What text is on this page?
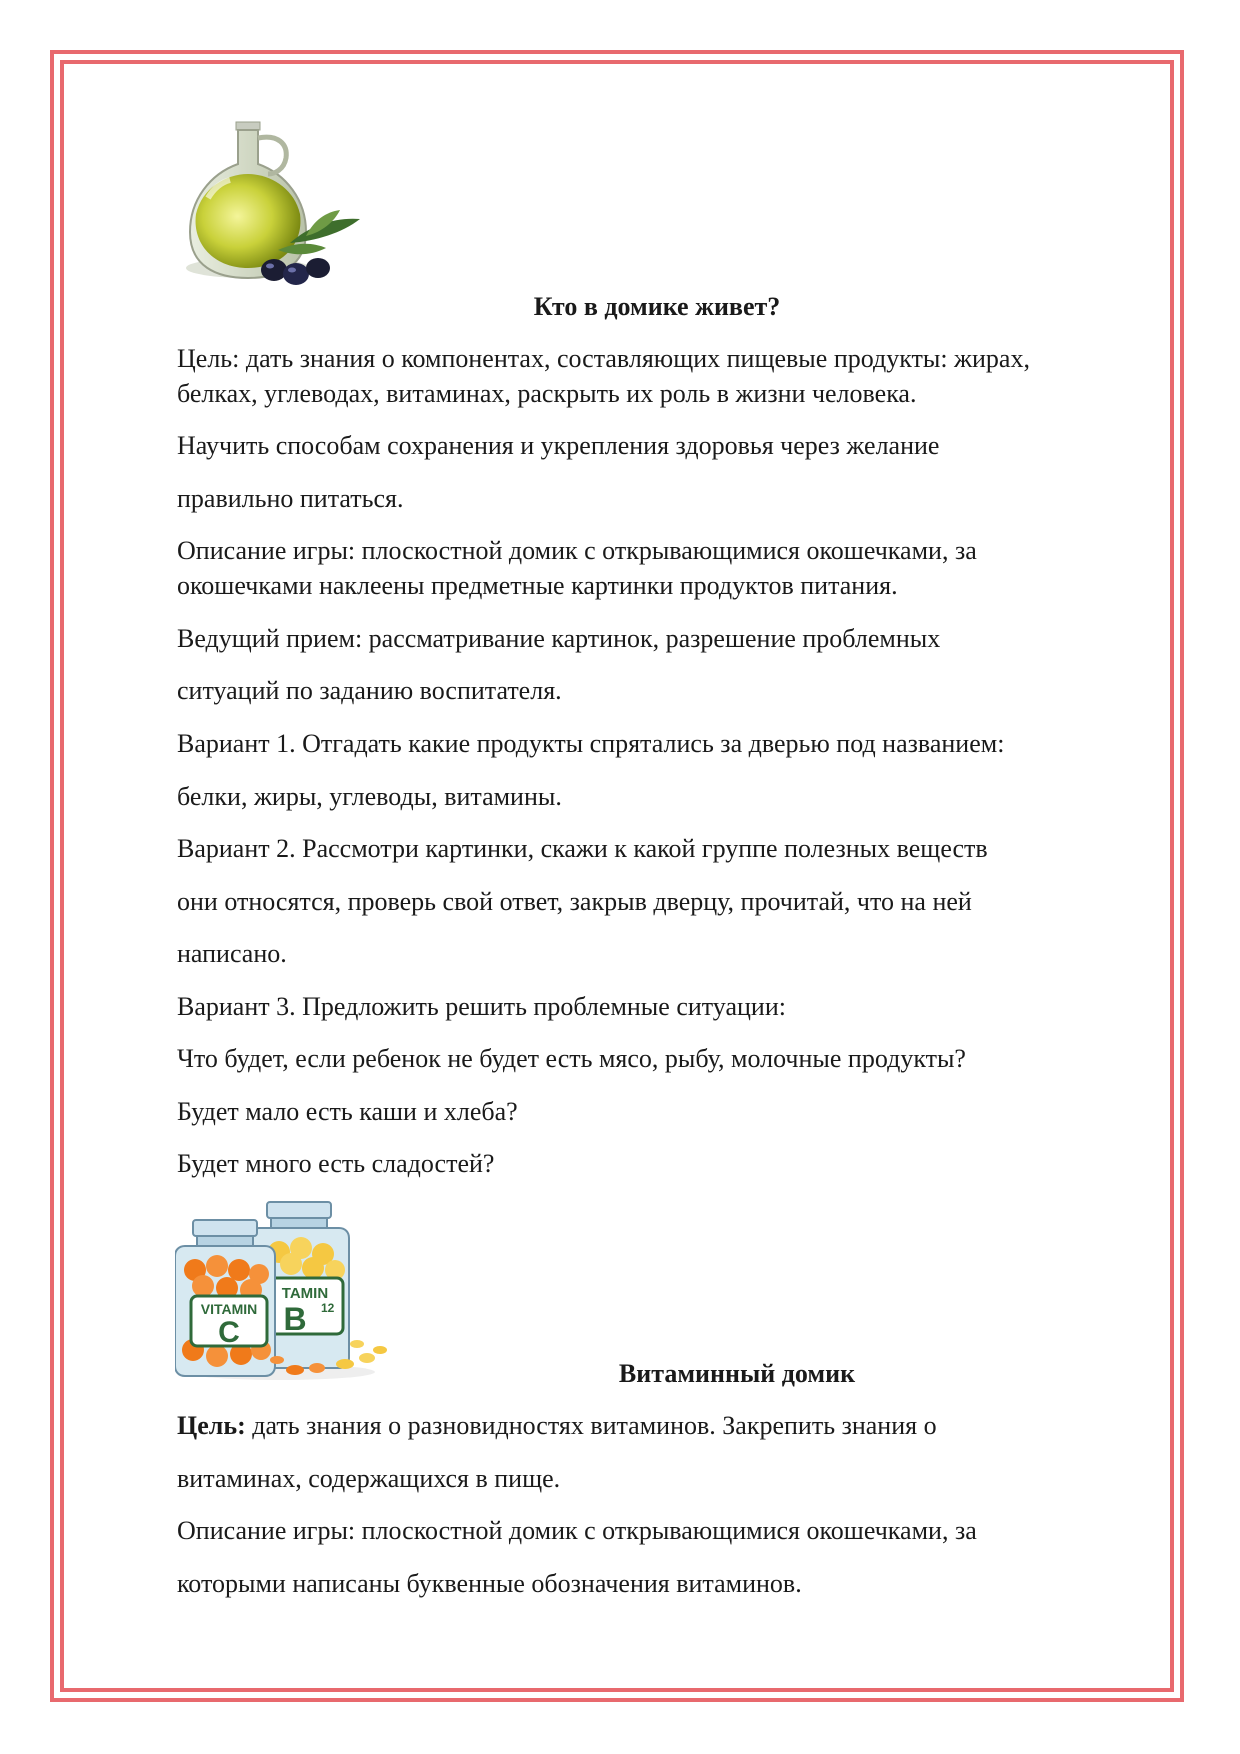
TAMIN
B 12
VITAMIN
C

Кто в домике живет?

Цель: дать знания о компонентах, составляющих пищевые продукты: жирах,

белках, углеводах, витаминах, раскрыть их роль в жизни человека.

Научить способам сохранения и укрепления здоровья через желание

правильно питаться.

Описание игры: плоскостной домик с открывающимися окошечками, за

окошечками наклеены предметные картинки продуктов питания.

Ведущий прием: рассматривание картинок, разрешение проблемных

ситуаций по заданию воспитателя.

Вариант 1. Отгадать какие продукты спрятались за дверью под названием:

белки, жиры, углеводы, витамины.

Вариант 2. Рассмотри картинки, скажи к какой группе полезных веществ

они относятся, проверь свой ответ, закрыв дверцу, прочитай, что на ней

написано.

Вариант 3. Предложить решить проблемные ситуации:

Что будет, если ребенок не будет есть мясо, рыбу, молочные продукты?

Будет мало есть каши и хлеба?

Будет много есть сладостей?

Витаминный домик

Цель: дать знания о разновидностях витаминов. Закрепить знания о

витаминах, содержащихся в пище.

Описание игры: плоскостной домик с открывающимися окошечками, за

которыми написаны буквенные обозначения витаминов.
